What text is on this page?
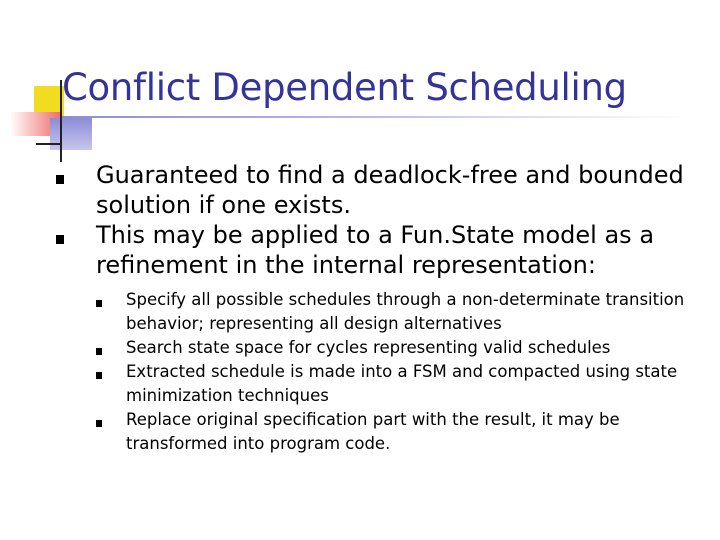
Conflict Dependent Scheduling
Guaranteed to find a deadlock-free and bounded solution if one exists.
This may be applied to a Fun.State model as a refinement in the internal representation:
Specify all possible schedules through a non-determinate transition behavior; representing all design alternatives
Search state space for cycles representing valid schedules
Extracted schedule is made into a FSM and compacted using state minimization techniques
Replace original specification part with the result, it may be transformed into program code.
